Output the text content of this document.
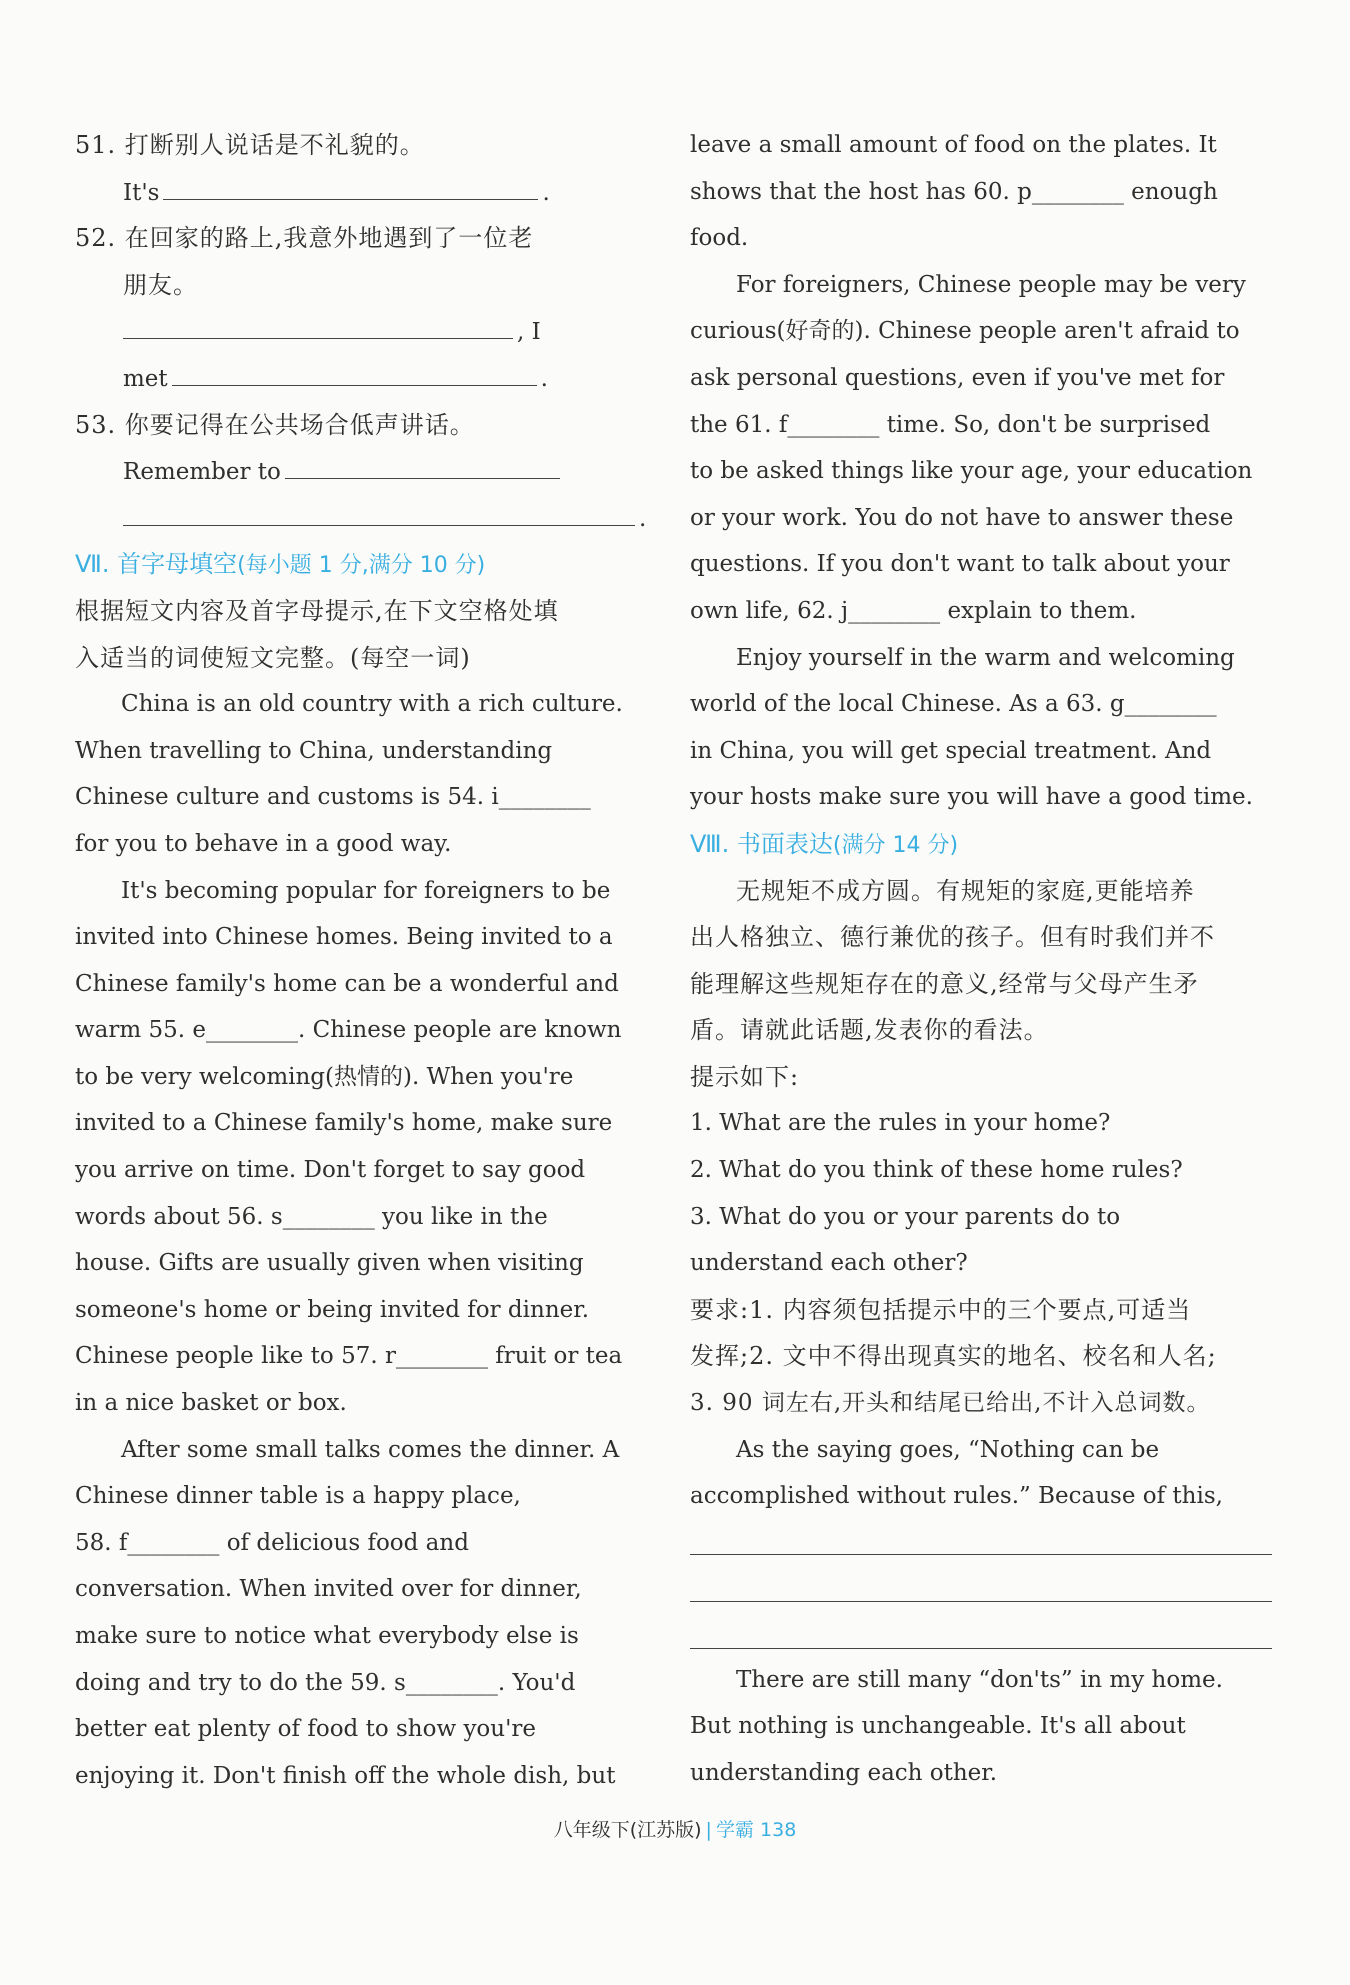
51. 打断别人说话是不礼貌的。
It's	.
52. 在回家的路上,我意外地遇到了一位老
朋友。
, I
met	.
53. 你要记得在公共场合低声讲话。
Remember to
.
Ⅶ. 首字母填空(每小题 1 分,满分 10 分)
根据短文内容及首字母提示,在下文空格处填
入适当的词使短文完整。(每空一词)
China is an old country with a rich culture.
When travelling to China, understanding
Chinese culture and customs is 54. i________
for you to behave in a good way.
It's becoming popular for foreigners to be
invited into Chinese homes. Being invited to a
Chinese family's home can be a wonderful and
warm 55. e________. Chinese people are known
to be very welcoming(热情的). When you're
invited to a Chinese family's home, make sure
you arrive on time. Don't forget to say good
words about 56. s________ you like in the
house. Gifts are usually given when visiting
someone's home or being invited for dinner.
Chinese people like to 57. r________ fruit or tea
in a nice basket or box.
After some small talks comes the dinner. A
Chinese dinner table is a happy place,
58. f________ of delicious food and
conversation. When invited over for dinner,
make sure to notice what everybody else is
doing and try to do the 59. s________. You'd
better eat plenty of food to show you're
enjoying it. Don't finish off the whole dish, but
leave a small amount of food on the plates. It
shows that the host has 60. p________ enough
food.
For foreigners, Chinese people may be very
curious(好奇的). Chinese people aren't afraid to
ask personal questions, even if you've met for
the 61. f________ time. So, don't be surprised
to be asked things like your age, your education
or your work. You do not have to answer these
questions. If you don't want to talk about your
own life, 62. j________ explain to them.
Enjoy yourself in the warm and welcoming
world of the local Chinese. As a 63. g________
in China, you will get special treatment. And
your hosts make sure you will have a good time.
Ⅷ. 书面表达(满分 14 分)
无规矩不成方圆。有规矩的家庭,更能培养
出人格独立、德行兼优的孩子。但有时我们并不
能理解这些规矩存在的意义,经常与父母产生矛
盾。请就此话题,发表你的看法。
提示如下:
1. What are the rules in your home?
2. What do you think of these home rules?
3. What do you or your parents do to
understand each other?
要求:1. 内容须包括提示中的三个要点,可适当
发挥;2. 文中不得出现真实的地名、校名和人名;
3. 90 词左右,开头和结尾已给出,不计入总词数。
As the saying goes, “Nothing can be
accomplished without rules.” Because of this,
There are still many “don'ts” in my home.
But nothing is unchangeable. It's all about
understanding each other.
八年级下(江苏版) | 学霸 138
